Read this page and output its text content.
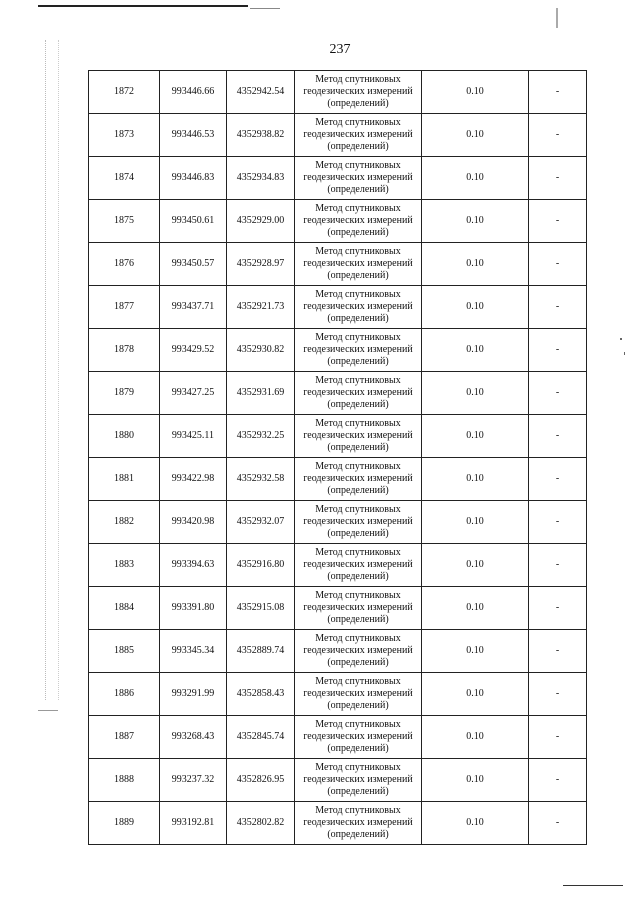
237
1872	993446.66	4352942.54	Метод спутниковых
геодезических измерений
(определений)	0.10	-
1873	993446.53	4352938.82	Метод спутниковых
геодезических измерений
(определений)	0.10	-
1874	993446.83	4352934.83	Метод спутниковых
геодезических измерений
(определений)	0.10	-
1875	993450.61	4352929.00	Метод спутниковых
геодезических измерений
(определений)	0.10	-
1876	993450.57	4352928.97	Метод спутниковых
геодезических измерений
(определений)	0.10	-
1877	993437.71	4352921.73	Метод спутниковых
геодезических измерений
(определений)	0.10	-
1878	993429.52	4352930.82	Метод спутниковых
геодезических измерений
(определений)	0.10	-
1879	993427.25	4352931.69	Метод спутниковых
геодезических измерений
(определений)	0.10	-
1880	993425.11	4352932.25	Метод спутниковых
геодезических измерений
(определений)	0.10	-
1881	993422.98	4352932.58	Метод спутниковых
геодезических измерений
(определений)	0.10	-
1882	993420.98	4352932.07	Метод спутниковых
геодезических измерений
(определений)	0.10	-
1883	993394.63	4352916.80	Метод спутниковых
геодезических измерений
(определений)	0.10	-
1884	993391.80	4352915.08	Метод спутниковых
геодезических измерений
(определений)	0.10	-
1885	993345.34	4352889.74	Метод спутниковых
геодезических измерений
(определений)	0.10	-
1886	993291.99	4352858.43	Метод спутниковых
геодезических измерений
(определений)	0.10	-
1887	993268.43	4352845.74	Метод спутниковых
геодезических измерений
(определений)	0.10	-
1888	993237.32	4352826.95	Метод спутниковых
геодезических измерений
(определений)	0.10	-
1889	993192.81	4352802.82	Метод спутниковых
геодезических измерений
(определений)	0.10	-
